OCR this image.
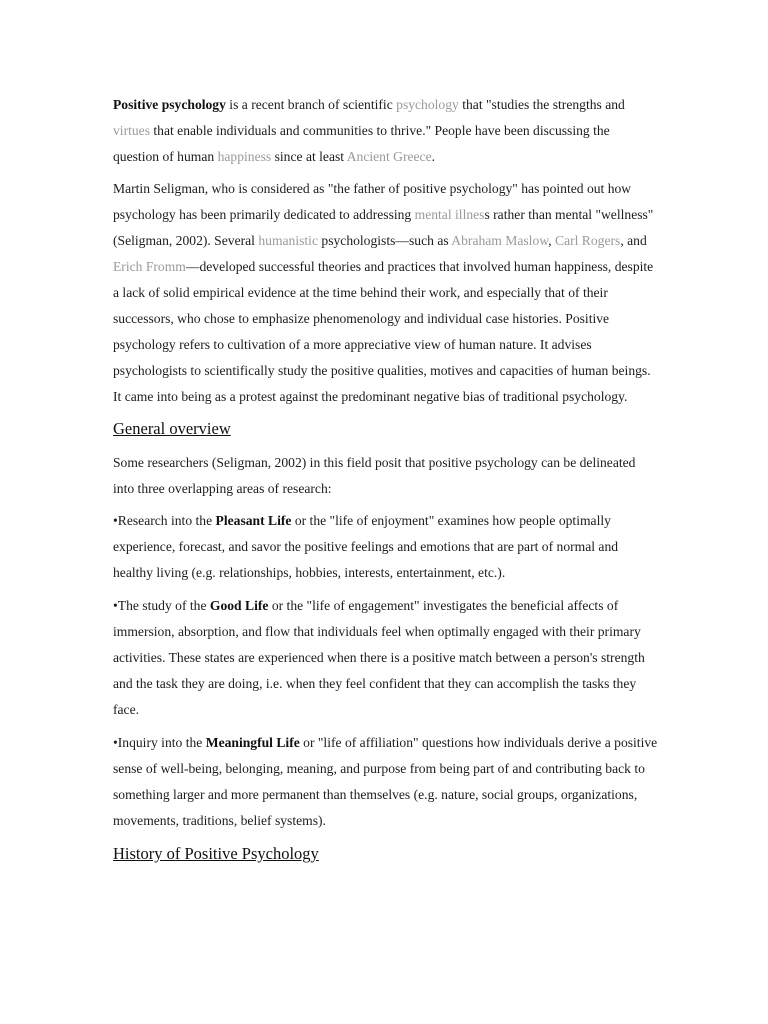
Positive psychology is a recent branch of scientific psychology that "studies the strengths and virtues that enable individuals and communities to thrive." People have been discussing the question of human happiness since at least Ancient Greece.

Martin Seligman, who is considered as "the father of positive psychology" has pointed out how psychology has been primarily dedicated to addressing mental illness rather than mental "wellness" (Seligman, 2002). Several humanistic psychologists—such as Abraham Maslow, Carl Rogers, and Erich Fromm—developed successful theories and practices that involved human happiness, despite a lack of solid empirical evidence at the time behind their work, and especially that of their successors, who chose to emphasize phenomenology and individual case histories. Positive psychology refers to cultivation of a more appreciative view of human nature. It advises psychologists to scientifically study the positive qualities, motives and capacities of human beings. It came into being as a protest against the predominant negative bias of traditional psychology.

General overview

Some researchers (Seligman, 2002) in this field posit that positive psychology can be delineated into three overlapping areas of research:

•Research into the Pleasant Life or the "life of enjoyment" examines how people optimally experience, forecast, and savor the positive feelings and emotions that are part of normal and healthy living (e.g. relationships, hobbies, interests, entertainment, etc.).

•The study of the Good Life or the "life of engagement" investigates the beneficial affects of immersion, absorption, and flow that individuals feel when optimally engaged with their primary activities. These states are experienced when there is a positive match between a person's strength and the task they are doing, i.e. when they feel confident that they can accomplish the tasks they face.

•Inquiry into the Meaningful Life or "life of affiliation" questions how individuals derive a positive sense of well-being, belonging, meaning, and purpose from being part of and contributing back to something larger and more permanent than themselves (e.g. nature, social groups, organizations, movements, traditions, belief systems).

History of Positive Psychology
